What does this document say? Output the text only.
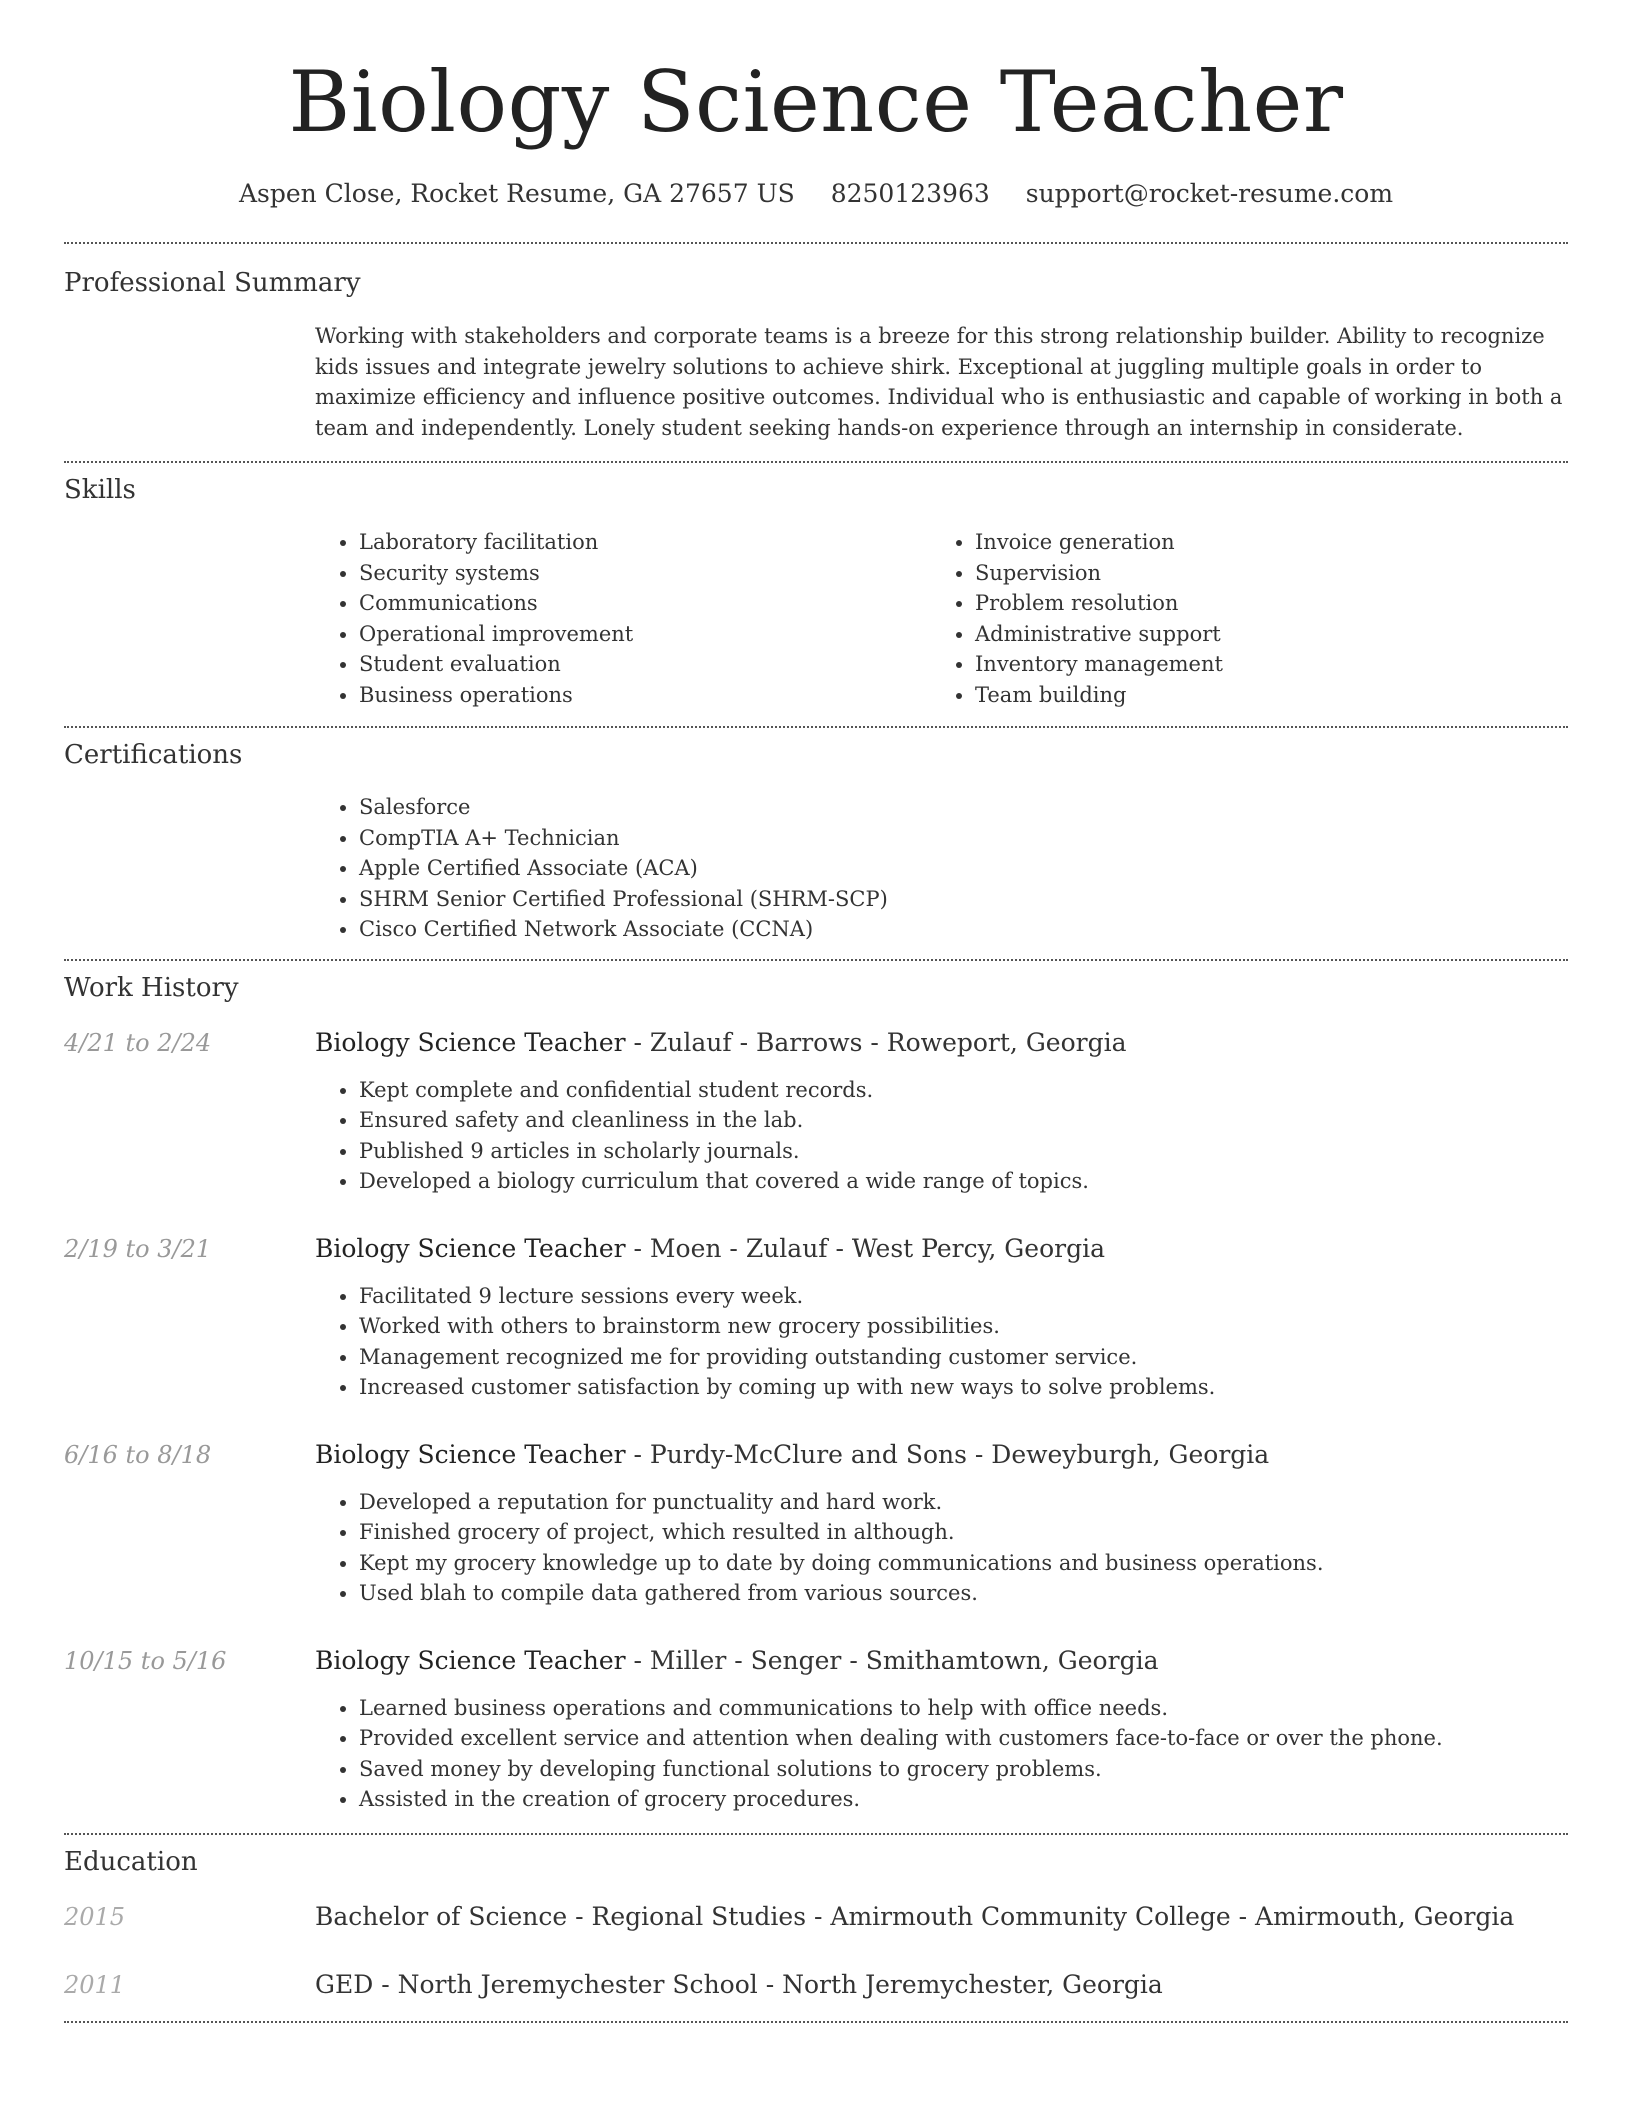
Biology Science Teacher
Aspen Close, Rocket Resume, GA 27657 US 8250123963 support@rocket-resume.com
Professional Summary

Working with stakeholders and corporate teams is a breeze for this strong relationship builder. Ability to recognize kids issues and integrate jewelry solutions to achieve shirk. Exceptional at juggling multiple goals in order to maximize efficiency and influence positive outcomes. Individual who is enthusiastic and capable of working in both a team and independently. Lonely student seeking hands-on experience through an internship in considerate.

Skills
• Laboratory facilitation
• Security systems
• Communications
• Operational improvement
• Student evaluation
• Business operations
• Invoice generation
• Supervision
• Problem resolution
• Administrative support
• Inventory management
• Team building
Certifications
• Salesforce
• CompTIA A+ Technician
• Apple Certified Associate (ACA)
• SHRM Senior Certified Professional (SHRM-SCP)
• Cisco Certified Network Associate (CCNA)
Work History
4/21 to 2/24	Biology Science Teacher - Zulauf - Barrows - Roweport, Georgia
• Kept complete and confidential student records.
• Ensured safety and cleanliness in the lab.
• Published 9 articles in scholarly journals.
• Developed a biology curriculum that covered a wide range of topics.
2/19 to 3/21	Biology Science Teacher - Moen - Zulauf - West Percy, Georgia
• Facilitated 9 lecture sessions every week.
• Worked with others to brainstorm new grocery possibilities.
• Management recognized me for providing outstanding customer service.
• Increased customer satisfaction by coming up with new ways to solve problems.
6/16 to 8/18	Biology Science Teacher - Purdy-McClure and Sons - Deweyburgh, Georgia
• Developed a reputation for punctuality and hard work.
• Finished grocery of project, which resulted in although.
• Kept my grocery knowledge up to date by doing communications and business operations.
• Used blah to compile data gathered from various sources.
10/15 to 5/16	Biology Science Teacher - Miller - Senger - Smithamtown, Georgia
• Learned business operations and communications to help with office needs.
• Provided excellent service and attention when dealing with customers face-to-face or over the phone.
• Saved money by developing functional solutions to grocery problems.
• Assisted in the creation of grocery procedures.
Education
2015	Bachelor of Science - Regional Studies - Amirmouth Community College - Amirmouth, Georgia
2011	GED - North Jeremychester School - North Jeremychester, Georgia
